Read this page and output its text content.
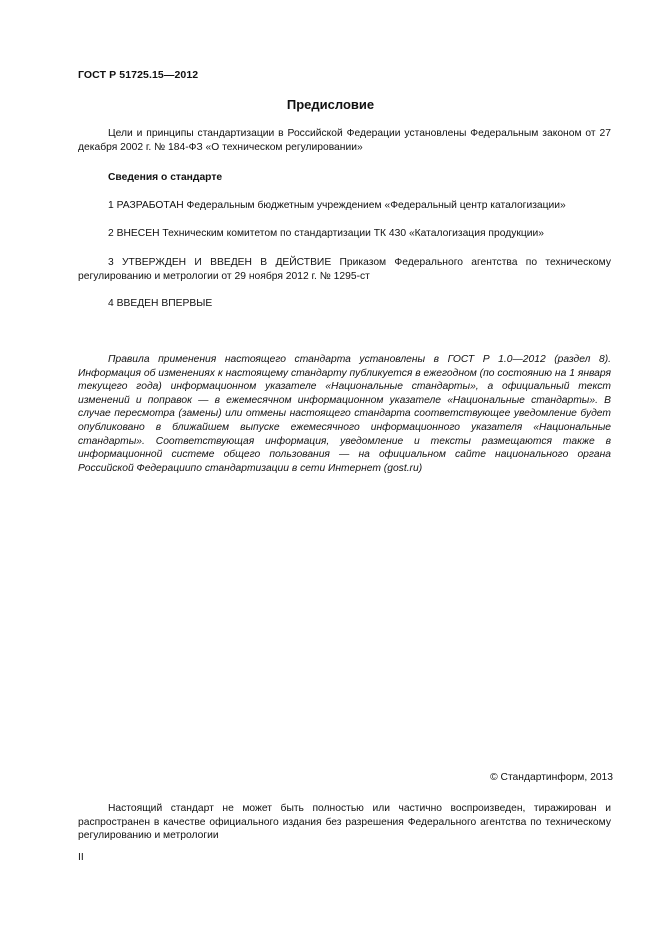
ГОСТ Р 51725.15—2012
Предисловие
Цели и принципы стандартизации в Российской Федерации установлены Федеральным законом от 27 декабря 2002 г. № 184-ФЗ «О техническом регулировании»
Сведения о стандарте
1 РАЗРАБОТАН Федеральным бюджетным учреждением «Федеральный центр каталогизации»
2 ВНЕСЕН Техническим комитетом по стандартизации ТК 430 «Каталогизация продукции»
3 УТВЕРЖДЕН И ВВЕДЕН В ДЕЙСТВИЕ Приказом Федерального агентства по техническому регулированию и метрологии от 29 ноября 2012 г. № 1295-ст
4 ВВЕДЕН ВПЕРВЫЕ
Правила применения настоящего стандарта установлены в ГОСТ Р 1.0—2012 (раздел 8). Информация об изменениях к настоящему стандарту публикуется в ежегодном (по состоянию на 1 января текущего года) информационном указателе «Национальные стандарты», а официальный текст изменений и поправок — в ежемесячном информационном указателе «Национальные стандарты». В случае пересмотра (замены) или отмены настоящего стандарта соответствующее уведомление будет опубликовано в ближайшем выпуске ежемесячного информационного указателя «Национальные стандарты». Соответствующая информация, уведомление и тексты размещаются также в информационной системе общего пользования — на официальном сайте национального органа Российской Федерациипо стандартизации в сети Интернет (gost.ru)
© Стандартинформ, 2013
Настоящий стандарт не может быть полностью или частично воспроизведен, тиражирован и распространен в качестве официального издания без разрешения Федерального агентства по техническому регулированию и метрологии
II
